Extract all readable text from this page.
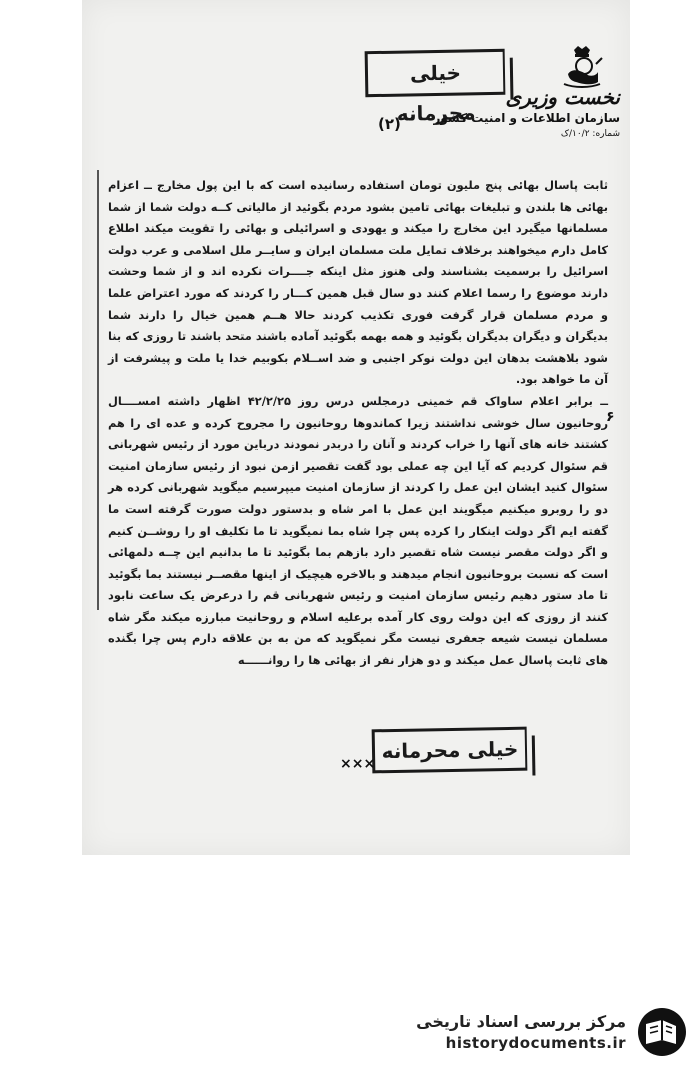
خیلی محرمانه
نخست وزیری
سازمان اطلاعات و امنیت کشور
شماره: ۱۰/۲/ک
(۲)

ثابت پاسال بهائی پنج ملیون تومان استفاده رسانیده است که با این پول مخارج ــ اعزام بهائی ها بلندن و تبلیغات بهائی تامین بشود مردم بگوئید از مالیاتی کــه دولت شما از شما مسلمانها میگیرد این مخارج را میکند و یهودی و اسرائیلی و بهائی را تقویت میکند اطلاع کامل دارم میخواهند برخلاف تمایل ملت مسلمان ایران و سایــر ملل اسلامی و عرب دولت اسرائیل را برسمیت بشناسند ولی هنوز مثل اینکه جــــرات نکرده اند و از شما وحشت دارند موضوع را رسما اعلام کنند دو سال قبل همین کـــار را کردند که مورد اعتراض علما و مردم مسلمان قرار گرفت فوری تکذیب کردند حالا هــم همین خیال را دارند شما بدیگران و دیگران بدیگران بگوئید و همه بهمه بگوئید آماده باشند متحد باشند تا روزی که بنا شود بلاهشت بدهان این دولت نوکر اجنبی و ضد اســلام بکوبیم خدا یا ملت و پیشرفت از آن ما خواهد بود.

ــ برابر اعلام ساواک قم خمینی درمجلس درس روز ۴۲/۲/۲۵ اظهار داشته امســــال روحانیون سال خوشی نداشتند زیرا کماندوها روحانیون را مجروح کرده و عده ای را هم کشتند خانه های آنها را خراب کردند و آنان را دربدر نمودند درباین مورد از رئیس شهربانی قم سئوال کردیم که آیا این چه عملی بود گفت تقصیر ازمن نبود از رئیس سازمان امنیت سئوال کنید ایشان این عمل را کردند از سازمان امنیت میپرسیم میگوید شهربانی کرده هر دو را روبرو میکنیم میگویند این عمل با امر شاه و بدستور دولت صورت گرفته است ما گفته ایم اگر دولت اینکار را کرده پس چرا شاه بما نمیگوید تا ما تکلیف او را روشــن کنیم و اگر دولت مقصر نیست شاه تقصیر دارد بازهم بما بگوئید تا ما بدانیم این چــه دلمهائی است که نسبت بروحانیون انجام میدهند و بالاخره هیچیک از اینها مقصــر نیستند بما بگوئید تا ماد ستور دهیم رئیس سازمان امنیت و رئیس شهربانی قم را درعرض یک ساعت نابود کنند از روزی که این دولت روی کار آمده برعلیه اسلام و روحانیت مبارزه میکند مگر شاه مسلمان نیست شیعه جعفری نیست مگر نمیگوید که من به بن علاقه دارم پس چرا بگنده های ثابت پاسال عمل میکند و دو هزار نفر از بهائی ها را روانــــــه

۶
خیلی محرمانه
×××
مرکز بررسی اسناد تاریخی
historydocuments.ir
